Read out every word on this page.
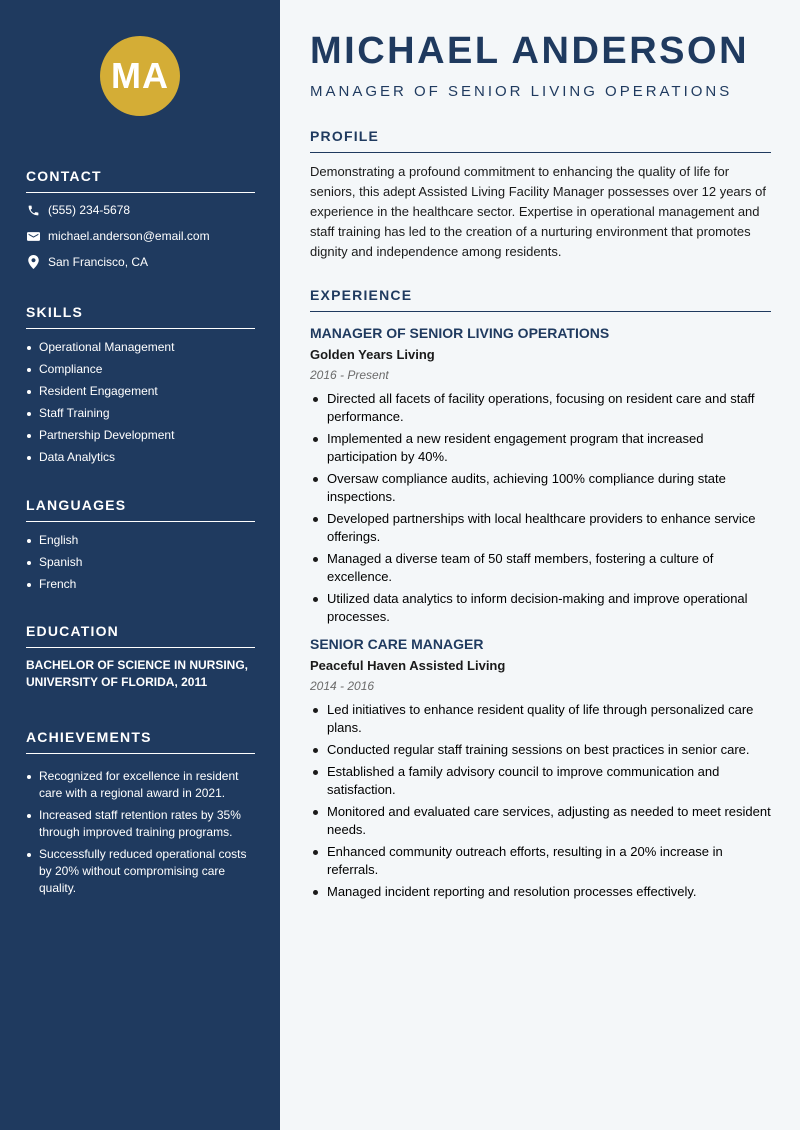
MA
CONTACT
(555) 234-5678
michael.anderson@email.com
San Francisco, CA
SKILLS
Operational Management
Compliance
Resident Engagement
Staff Training
Partnership Development
Data Analytics
LANGUAGES
English
Spanish
French
EDUCATION
BACHELOR OF SCIENCE IN NURSING,
UNIVERSITY OF FLORIDA, 2011
ACHIEVEMENTS
Recognized for excellence in resident care with a regional award in 2021.
Increased staff retention rates by 35% through improved training programs.
Successfully reduced operational costs by 20% without compromising care quality.
MICHAEL ANDERSON
MANAGER OF SENIOR LIVING OPERATIONS
PROFILE

Demonstrating a profound commitment to enhancing the quality of life for seniors, this adept Assisted Living Facility Manager possesses over 12 years of experience in the healthcare sector. Expertise in operational management and staff training has led to the creation of a nurturing environment that promotes dignity and independence among residents.

EXPERIENCE
MANAGER OF SENIOR LIVING OPERATIONS
Golden Years Living
2016 - Present
Directed all facets of facility operations, focusing on resident care and staff performance.
Implemented a new resident engagement program that increased participation by 40%.
Oversaw compliance audits, achieving 100% compliance during state inspections.
Developed partnerships with local healthcare providers to enhance service offerings.
Managed a diverse team of 50 staff members, fostering a culture of excellence.
Utilized data analytics to inform decision-making and improve operational processes.
SENIOR CARE MANAGER
Peaceful Haven Assisted Living
2014 - 2016
Led initiatives to enhance resident quality of life through personalized care plans.
Conducted regular staff training sessions on best practices in senior care.
Established a family advisory council to improve communication and satisfaction.
Monitored and evaluated care services, adjusting as needed to meet resident needs.
Enhanced community outreach efforts, resulting in a 20% increase in referrals.
Managed incident reporting and resolution processes effectively.
